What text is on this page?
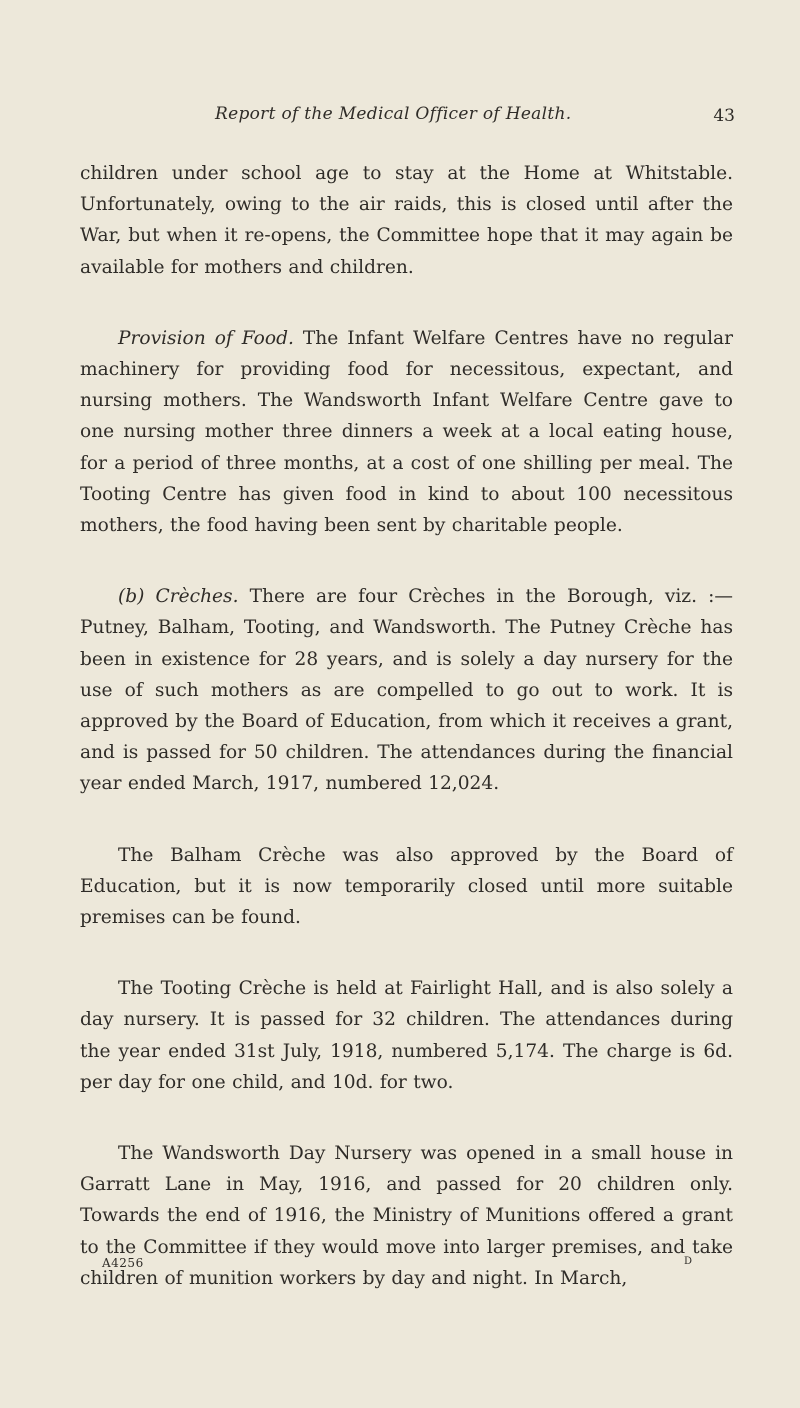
Report of the Medical Officer of Health.	43

children under school age to stay at the Home at Whitstable. Unfortunately, owing to the air raids, this is closed until after the War, but when it re-opens, the Committee hope that it may again be available for mothers and children.

Provision of Food. The Infant Welfare Centres have no regular machinery for providing food for necessitous, expectant, and nursing mothers. The Wandsworth Infant Welfare Centre gave to one nursing mother three dinners a week at a local eating house, for a period of three months, at a cost of one shilling per meal. The Tooting Centre has given food in kind to about 100 necessitous mothers, the food having been sent by charitable people.

(b) Crèches. There are four Crèches in the Borough, viz. :— Putney, Balham, Tooting, and Wandsworth. The Putney Crèche has been in existence for 28 years, and is solely a day nursery for the use of such mothers as are compelled to go out to work. It is approved by the Board of Education, from which it receives a grant, and is passed for 50 children. The attendances during the financial year ended March, 1917, numbered 12,024.

The Balham Crèche was also approved by the Board of Education, but it is now temporarily closed until more suitable premises can be found.

The Tooting Crèche is held at Fairlight Hall, and is also solely a day nursery. It is passed for 32 children. The attendances during the year ended 31st July, 1918, numbered 5,174. The charge is 6d. per day for one child, and 10d. for two.

The Wandsworth Day Nursery was opened in a small house in Garratt Lane in May, 1916, and passed for 20 children only. Towards the end of 1916, the Ministry of Munitions offered a grant to the Committee if they would move into larger premises, and take children of munition workers by day and night. In March,

A4256	D
